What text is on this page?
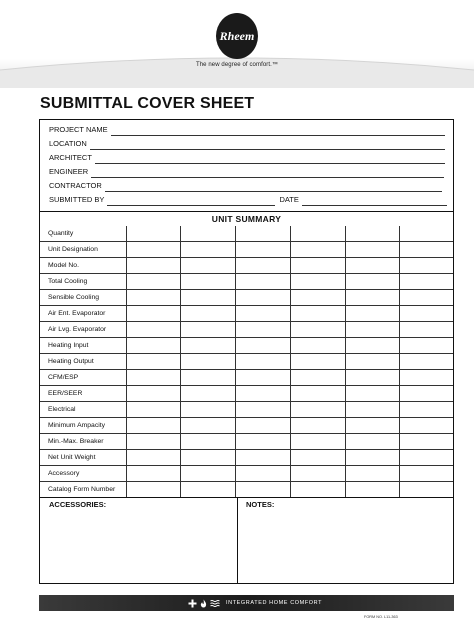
Rheem
The new degree of comfort.™
SUBMITTAL COVER SHEET
PROJECT NAME
LOCATION
ARCHITECT
ENGINEER
CONTRACTOR
SUBMITTED BY	DATE
UNIT SUMMARY
Quantity						
Unit Designation						
Model No.						
Total Cooling						
Sensible Cooling						
Air Ent. Evaporator						
Air Lvg. Evaporator						
Heating Input						
Heating Output						
CFM/ESP						
EER/SEER						
Electrical						
Minimum Ampacity						
Min.-Max. Breaker						
Net Unit Weight						
Accessory						
Catalog Form Number						
ACCESSORIES:	NOTES:
INTEGRATED HOME COMFORT
FORM NO. L11-363
